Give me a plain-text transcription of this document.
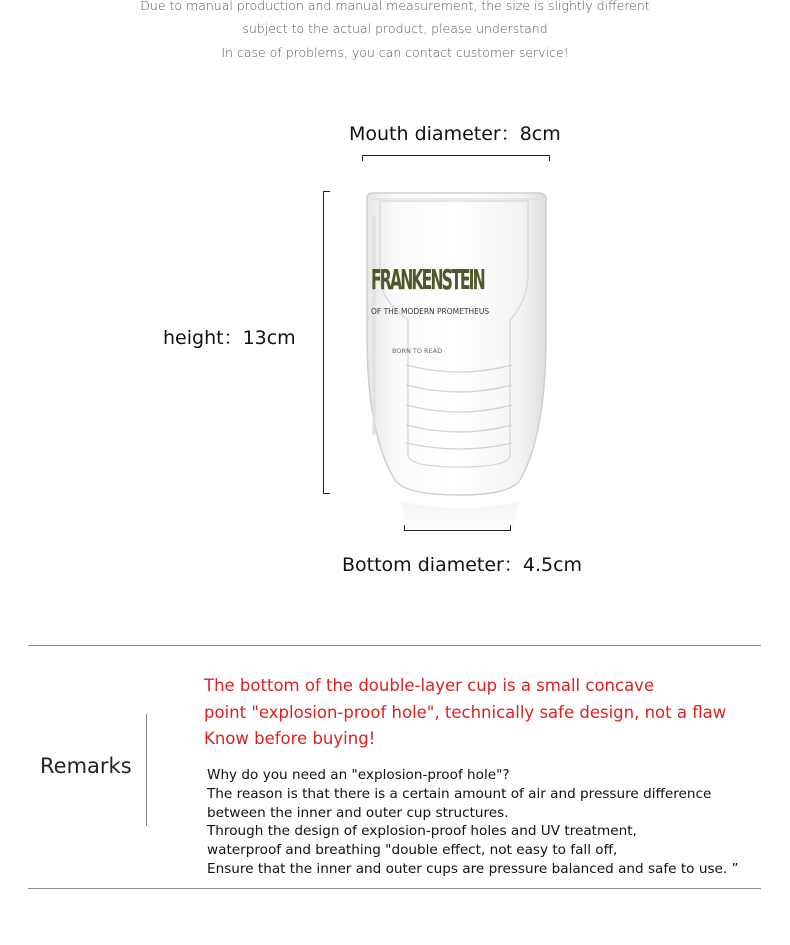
Due to manual production and manual measurement, the size is slightly different
subject to the actual product, please understand
In case of problems, you can contact customer service!
Mouth diameter：8cm
height：13cm
FRANKENSTEIN
OF THE MODERN PROMETHEUS
BORN TO READ
Bottom diameter：4.5cm
Remarks
The bottom of the double-layer cup is a small concave
point "explosion-proof hole", technically safe design, not a flaw
Know before buying!
Why do you need an "explosion-proof hole"?
The reason is that there is a certain amount of air and pressure difference
between the inner and outer cup structures.
Through the design of explosion-proof holes and UV treatment,
waterproof and breathing "double effect, not easy to fall off,
Ensure that the inner and outer cups are pressure balanced and safe to use. ”
